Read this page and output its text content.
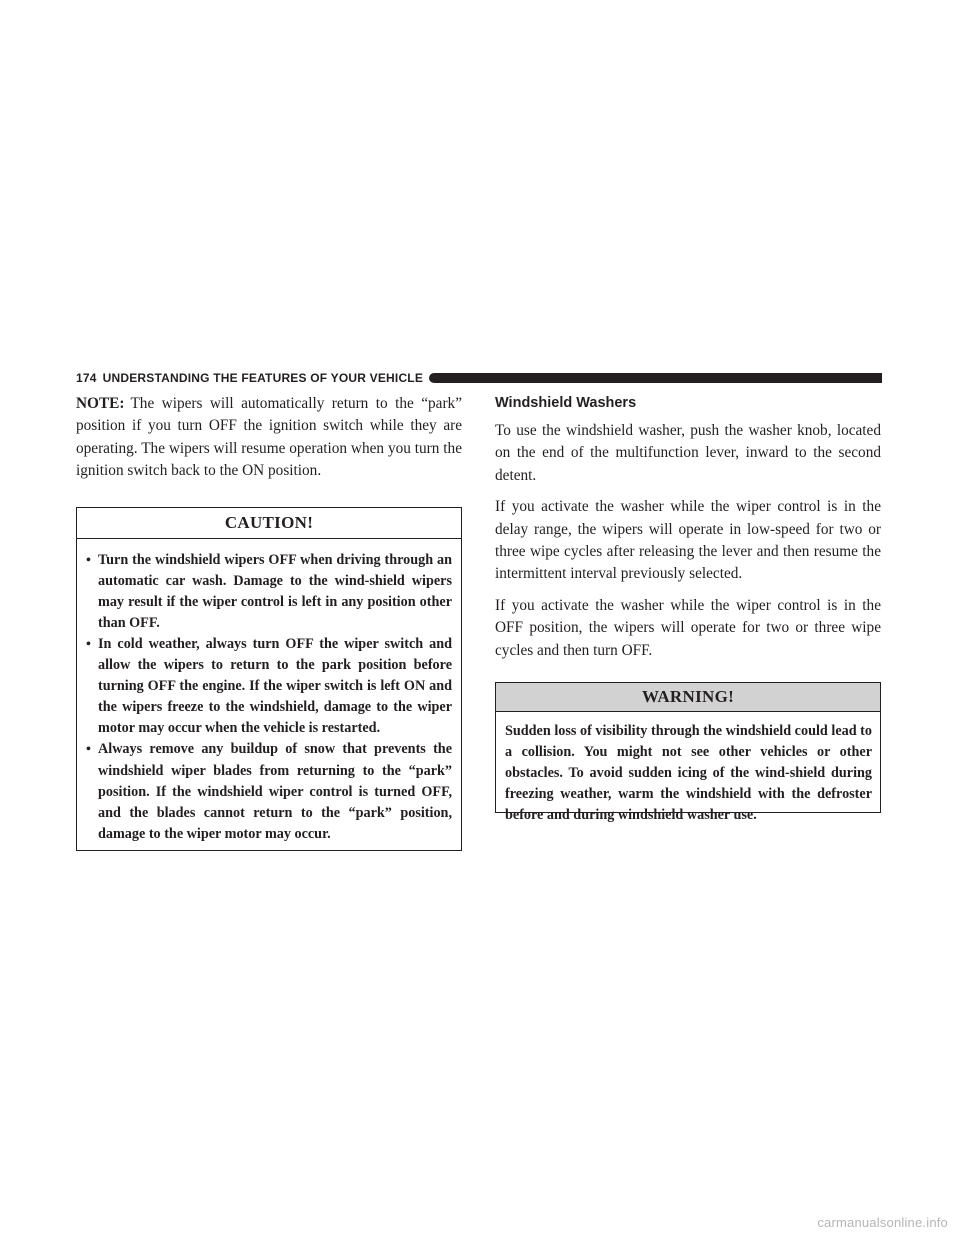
174 UNDERSTANDING THE FEATURES OF YOUR VEHICLE

NOTE: The wipers will automatically return to the “park” position if you turn OFF the ignition switch while they are operating. The wipers will resume operation when you turn the ignition switch back to the ON position.

CAUTION!
• Turn the windshield wipers OFF when driving through an automatic car wash. Damage to the wind-shield wipers may result if the wiper control is left in any position other than OFF.
• In cold weather, always turn OFF the wiper switch and allow the wipers to return to the park position before turning OFF the engine. If the wiper switch is left ON and the wipers freeze to the windshield, damage to the wiper motor may occur when the vehicle is restarted.
• Always remove any buildup of snow that prevents the windshield wiper blades from returning to the “park” position. If the windshield wiper control is turned OFF, and the blades cannot return to the “park” position, damage to the wiper motor may occur.
Windshield Washers

To use the windshield washer, push the washer knob, located on the end of the multifunction lever, inward to the second detent.

If you activate the washer while the wiper control is in the delay range, the wipers will operate in low-speed for two or three wipe cycles after releasing the lever and then resume the intermittent interval previously selected.

If you activate the washer while the wiper control is in the OFF position, the wipers will operate for two or three wipe cycles and then turn OFF.

WARNING!
Sudden loss of visibility through the windshield could lead to a collision. You might not see other vehicles or other obstacles. To avoid sudden icing of the wind-shield during freezing weather, warm the windshield with the defroster before and during windshield washer use.
carmanualsonline.info
